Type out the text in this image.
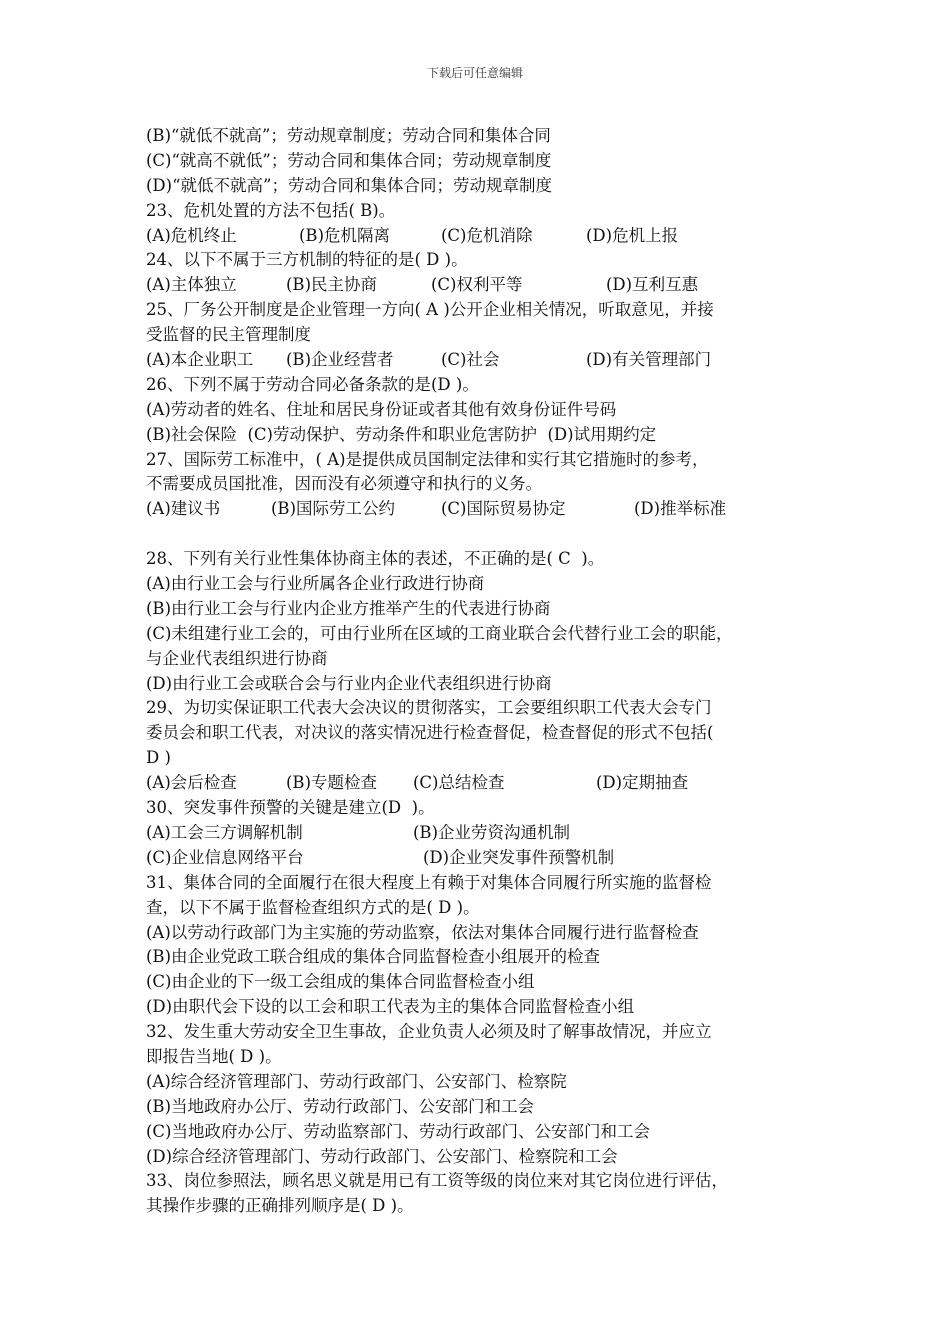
下载后可任意编辑
(B)“就低不就高”；劳动规章制度；劳动合同和集体合同
(C)“就高不就低”；劳动合同和集体合同；劳动规章制度
(D)“就低不就高”；劳动合同和集体合同；劳动规章制度
23、危机处置的方法不包括( B)。
(A)危机终止	(B)危机隔离	(C)危机消除	(D)危机上报
24、以下不属于三方机制的特征的是( D )。
(A)主体独立	(B)民主协商	(C)权利平等	(D)互利互惠
25、厂务公开制度是企业管理一方向( A )公开企业相关情况，听取意见，并接
受监督的民主管理制度
(A)本企业职工 (B)企业经营者	(C)社会	(D)有关管理部门
26、下列不属于劳动合同必备条款的是(D )。
(A)劳动者的姓名、住址和居民身份证或者其他有效身份证件号码
(B)社会保险  (C)劳动保护、劳动条件和职业危害防护  (D)试用期约定
27、国际劳工标准中，( A)是提供成员国制定法律和实行其它措施时的参考，
不需要成员国批准，因而没有必须遵守和执行的义务。
(A)建议书	(B)国际劳工公约	(C)国际贸易协定	(D)推举标准
28、下列有关行业性集体协商主体的表述，不正确的是( C  )。
(A)由行业工会与行业所属各企业行政进行协商
(B)由行业工会与行业内企业方推举产生的代表进行协商
(C)未组建行业工会的，可由行业所在区域的工商业联合会代替行业工会的职能，
与企业代表组织进行协商
(D)由行业工会或联合会与行业内企业代表组织进行协商
29、为切实保证职工代表大会决议的贯彻落实，工会要组织职工代表大会专门
委员会和职工代表，对决议的落实情况进行检查督促，检查督促的形式不包括(
D )
(A)会后检查	(B)专题检查 (C)总结检查	(D)定期抽查
30、突发事件预警的关键是建立(D  )。
(A)工会三方调解机制	(B)企业劳资沟通机制
(C)企业信息网络平台	(D)企业突发事件预警机制
31、集体合同的全面履行在很大程度上有赖于对集体合同履行所实施的监督检
查，以下不属于监督检查组织方式的是( D )。
(A)以劳动行政部门为主实施的劳动监察，依法对集体合同履行进行监督检查
(B)由企业党政工联合组成的集体合同监督检查小组展开的检查
(C)由企业的下一级工会组成的集体合同监督检查小组
(D)由职代会下设的以工会和职工代表为主的集体合同监督检查小组
32、发生重大劳动安全卫生事故，企业负责人必须及时了解事故情况，并应立
即报告当地( D )。
(A)综合经济管理部门、劳动行政部门、公安部门、检察院
(B)当地政府办公厅、劳动行政部门、公安部门和工会
(C)当地政府办公厅、劳动监察部门、劳动行政部门、公安部门和工会
(D)综合经济管理部门、劳动行政部门、公安部门、检察院和工会
33、岗位参照法，顾名思义就是用已有工资等级的岗位来对其它岗位进行评估，
其操作步骤的正确排列顺序是( D )。
